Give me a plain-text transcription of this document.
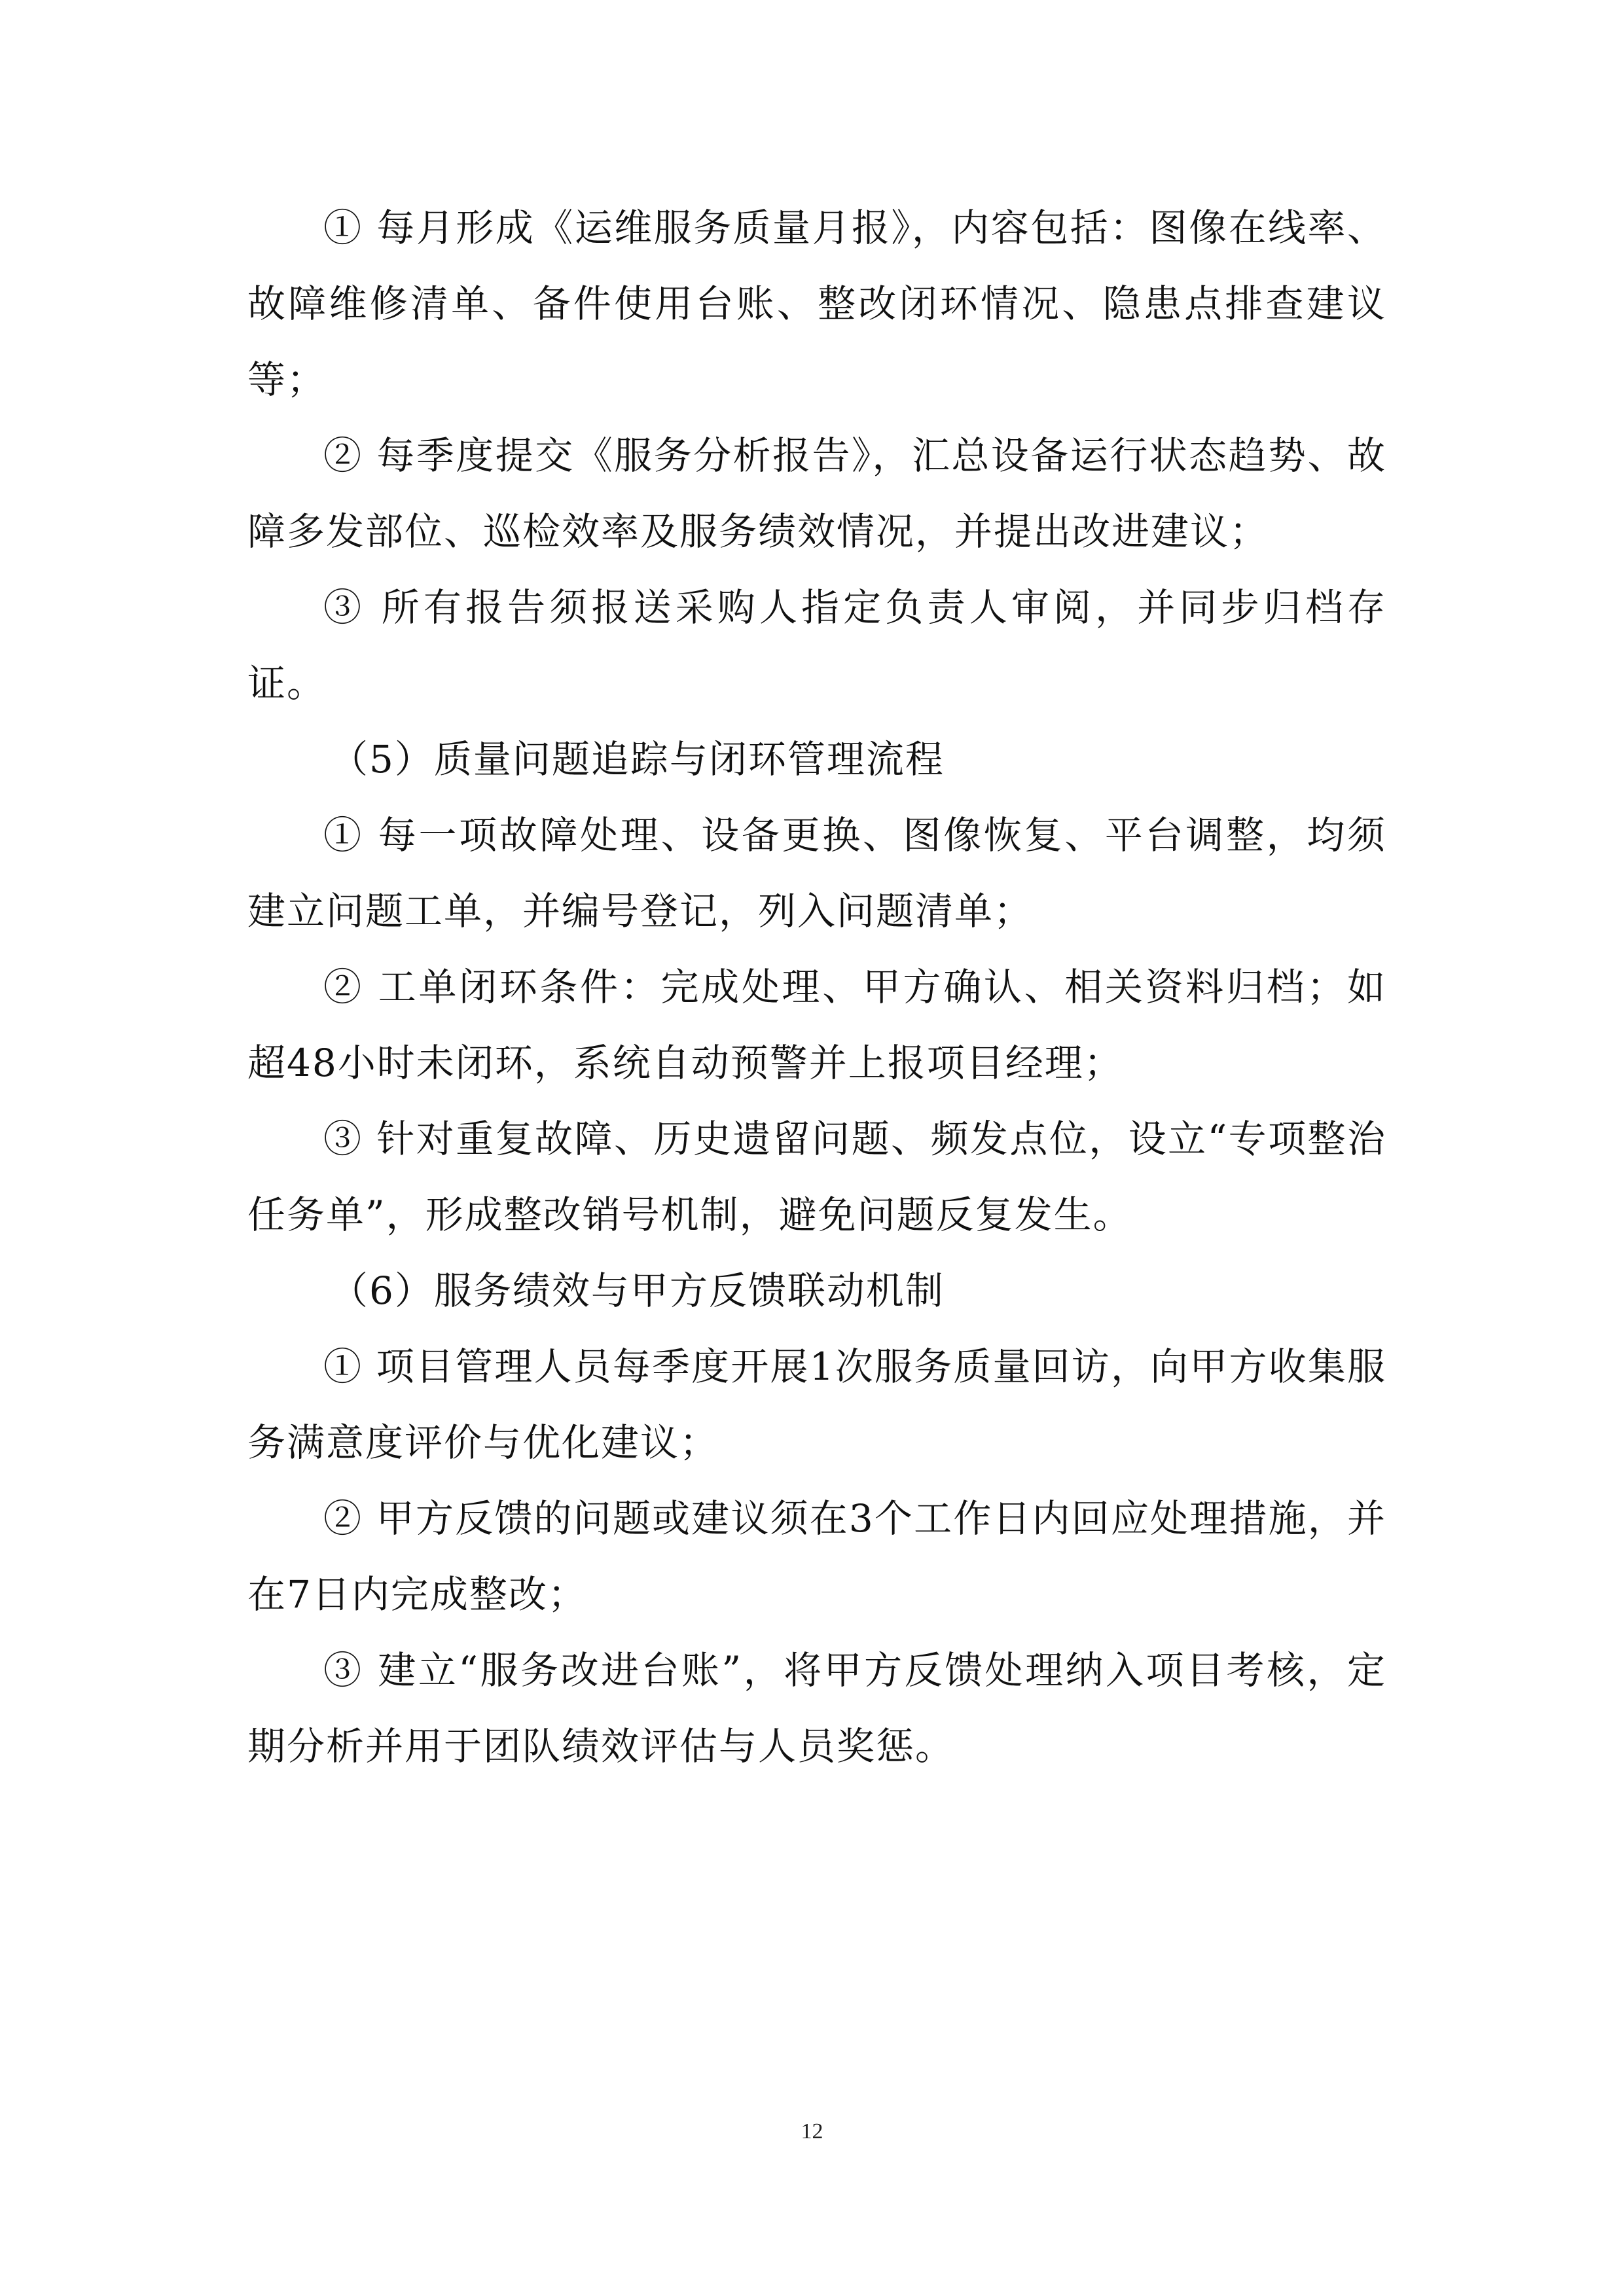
① 每月形成《运维服务质量月报》，内容包括：图像在线率、故障维修清单、备件使用台账、整改闭环情况、隐患点排查建议等；

② 每季度提交《服务分析报告》，汇总设备运行状态趋势、故障多发部位、巡检效率及服务绩效情况，并提出改进建议；

③ 所有报告须报送采购人指定负责人审阅，并同步归档存证。

（5）质量问题追踪与闭环管理流程

① 每一项故障处理、设备更换、图像恢复、平台调整，均须建立问题工单，并编号登记，列入问题清单；

② 工单闭环条件：完成处理、甲方确认、相关资料归档；如超48小时未闭环，系统自动预警并上报项目经理；

③ 针对重复故障、历史遗留问题、频发点位，设立“专项整治任务单”，形成整改销号机制，避免问题反复发生。

（6）服务绩效与甲方反馈联动机制

① 项目管理人员每季度开展1次服务质量回访，向甲方收集服务满意度评价与优化建议；

② 甲方反馈的问题或建议须在3个工作日内回应处理措施，并在7日内完成整改；

③ 建立“服务改进台账”，将甲方反馈处理纳入项目考核，定期分析并用于团队绩效评估与人员奖惩。

12
